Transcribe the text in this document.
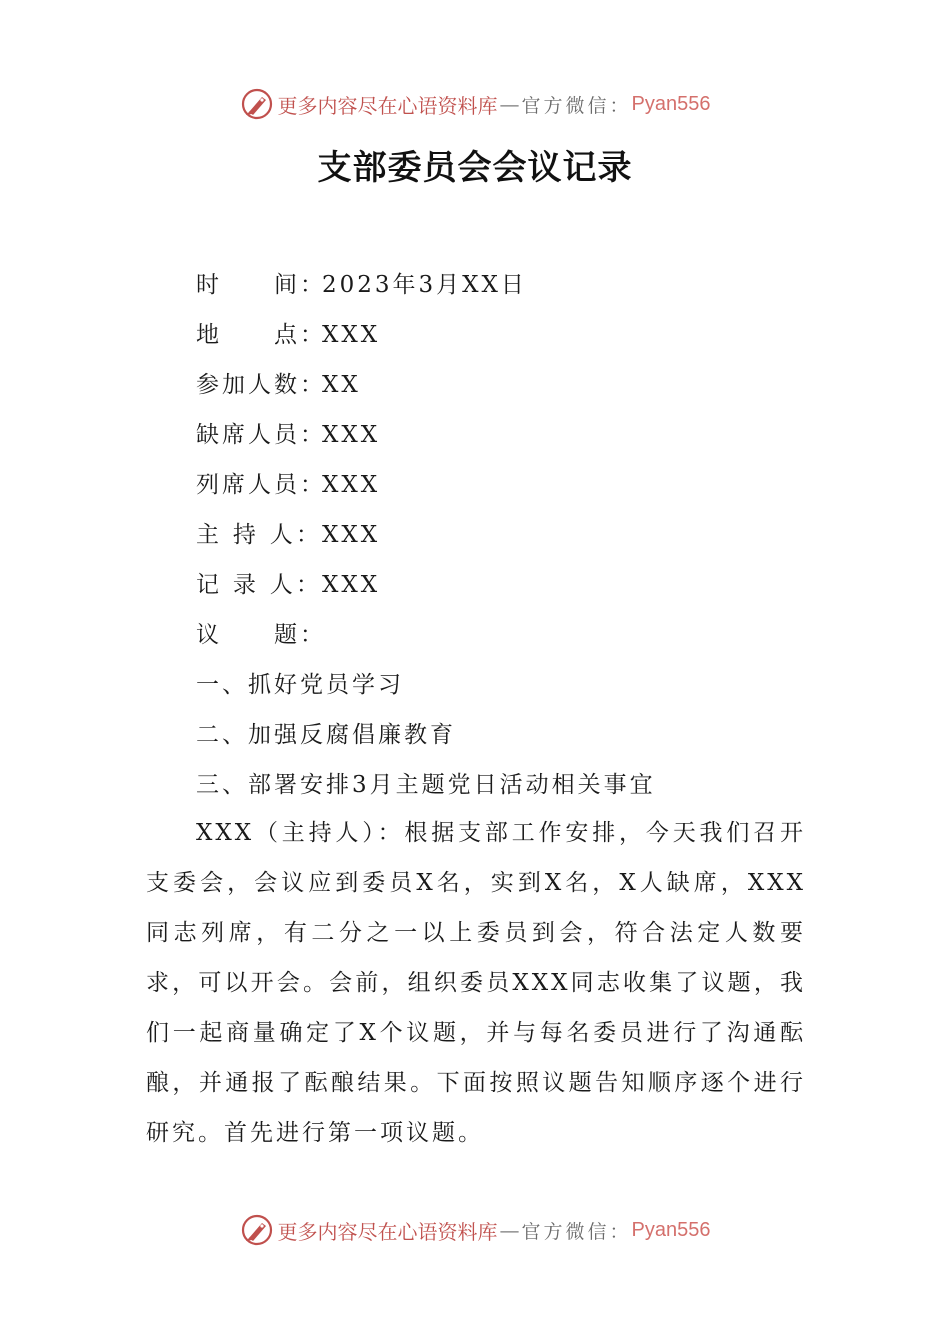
更多内容尽在心语资料库 — 官方微信： Pyan556
支部委员会会议记录
时　　间：2023年3月XX日
地　　点：XXX
参加人数：XX
缺席人员：XXX
列席人员：XXX
主 持 人：XXX
记 录 人：XXX
议　　题：
一、抓好党员学习
二、加强反腐倡廉教育
三、部署安排3月主题党日活动相关事宜

XXX（主持人）：根据支部工作安排，今天我们召开支委会，会议应到委员X名，实到X名，X人缺席，XXX同志列席，有二分之一以上委员到会，符合法定人数要求，可以开会。会前，组织委员XXX同志收集了议题，我们一起商量确定了X个议题，并与每名委员进行了沟通酝酿，并通报了酝酿结果。下面按照议题告知顺序逐个进行研究。首先进行第一项议题。

更多内容尽在心语资料库 — 官方微信： Pyan556
